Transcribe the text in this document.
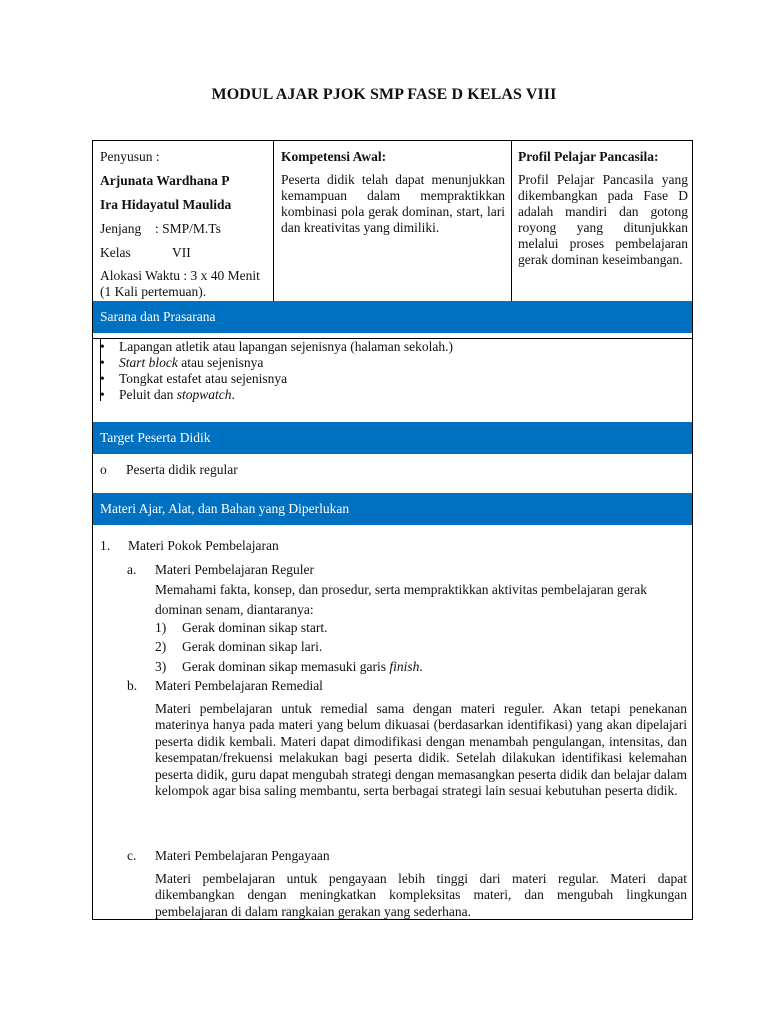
MODUL AJAR PJOK SMP FASE D KELAS VIII
Penyusun :
Arjunata Wardhana P
Ira Hidayatul Maulida
Jenjang : SMP/M.Ts
Kelas	VII
Alokasi Waktu : 3 x 40 Menit (1 Kali pertemuan).
Kompetensi Awal:
Peserta didik telah dapat menunjukkan kemampuan dalam mempraktikkan kombinasi pola gerak dominan, start, lari dan kreativitas yang dimiliki.
Profil Pelajar Pancasila:
Profil Pelajar Pancasila yang dikembangkan pada Fase D adalah mandiri dan gotong royong yang ditunjukkan melalui proses pembelajaran gerak dominan keseimbangan.
Sarana dan Prasarana
• Lapangan atletik atau lapangan sejenisnya (halaman sekolah.)
• Start block atau sejenisnya
• Tongkat estafet atau sejenisnya
• Peluit dan stopwatch.
Target Peserta Didik
o Peserta didik regular
Materi Ajar, Alat, dan Bahan yang Diperlukan
1. Materi Pokok Pembelajaran
a. Materi Pembelajaran Reguler
Memahami fakta, konsep, dan prosedur, serta mempraktikkan aktivitas pembelajaran gerak dominan senam, diantaranya:
1) Gerak dominan sikap start.
2) Gerak dominan sikap lari.
3) Gerak dominan sikap memasuki garis finish.
b. Materi Pembelajaran Remedial
Materi pembelajaran untuk remedial sama dengan materi reguler. Akan tetapi penekanan materinya hanya pada materi yang belum dikuasai (berdasarkan identifikasi) yang akan dipelajari peserta didik kembali. Materi dapat dimodifikasi dengan menambah pengulangan, intensitas, dan kesempatan/frekuensi melakukan bagi peserta didik. Setelah dilakukan identifikasi kelemahan peserta didik, guru dapat mengubah strategi dengan memasangkan peserta didik dan belajar dalam kelompok agar bisa saling membantu, serta berbagai strategi lain sesuai kebutuhan peserta didik.
c. Materi Pembelajaran Pengayaan
Materi pembelajaran untuk pengayaan lebih tinggi dari materi regular. Materi dapat dikembangkan dengan meningkatkan kompleksitas materi, dan mengubah lingkungan pembelajaran di dalam rangkaian gerakan yang sederhana.
